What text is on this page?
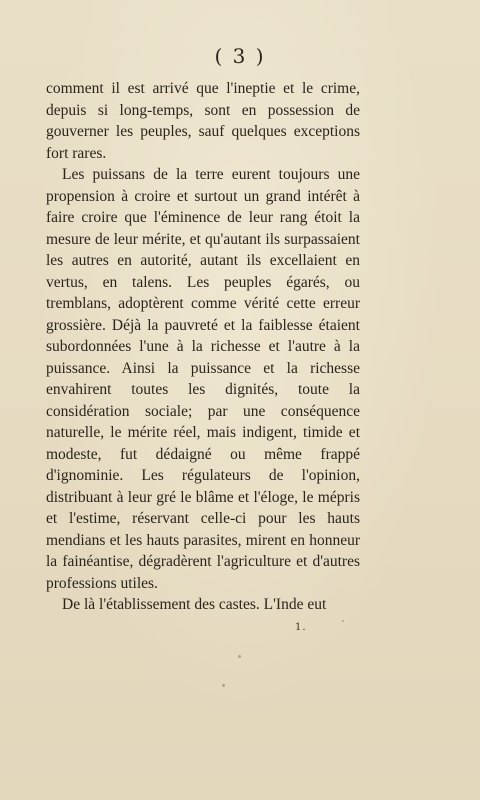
( 3 )

comment il est arrivé que l'ineptie et le crime, depuis si long-temps, sont en possession de gouverner les peuples, sauf quelques exceptions fort rares.

Les puissans de la terre eurent toujours une propension à croire et surtout un grand intérêt à faire croire que l'éminence de leur rang étoit la mesure de leur mérite, et qu'autant ils surpassaient les autres en autorité, autant ils excellaient en vertus, en talens. Les peuples égarés, ou tremblans, adoptèrent comme vérité cette erreur grossière. Déjà la pauvreté et la faiblesse étaient subordonnées l'une à la richesse et l'autre à la puissance. Ainsi la puissance et la richesse envahirent toutes les dignités, toute la considération sociale; par une conséquence naturelle, le mérite réel, mais indigent, timide et modeste, fut dédaigné ou même frappé d'ignominie. Les régulateurs de l'opinion, distribuant à leur gré le blâme et l'éloge, le mépris et l'estime, réservant celle-ci pour les hauts mendians et les hauts parasites, mirent en honneur la fainéantise, dégradèrent l'agriculture et d'autres professions utiles.

De là l'établissement des castes. L'Inde eut

1.
